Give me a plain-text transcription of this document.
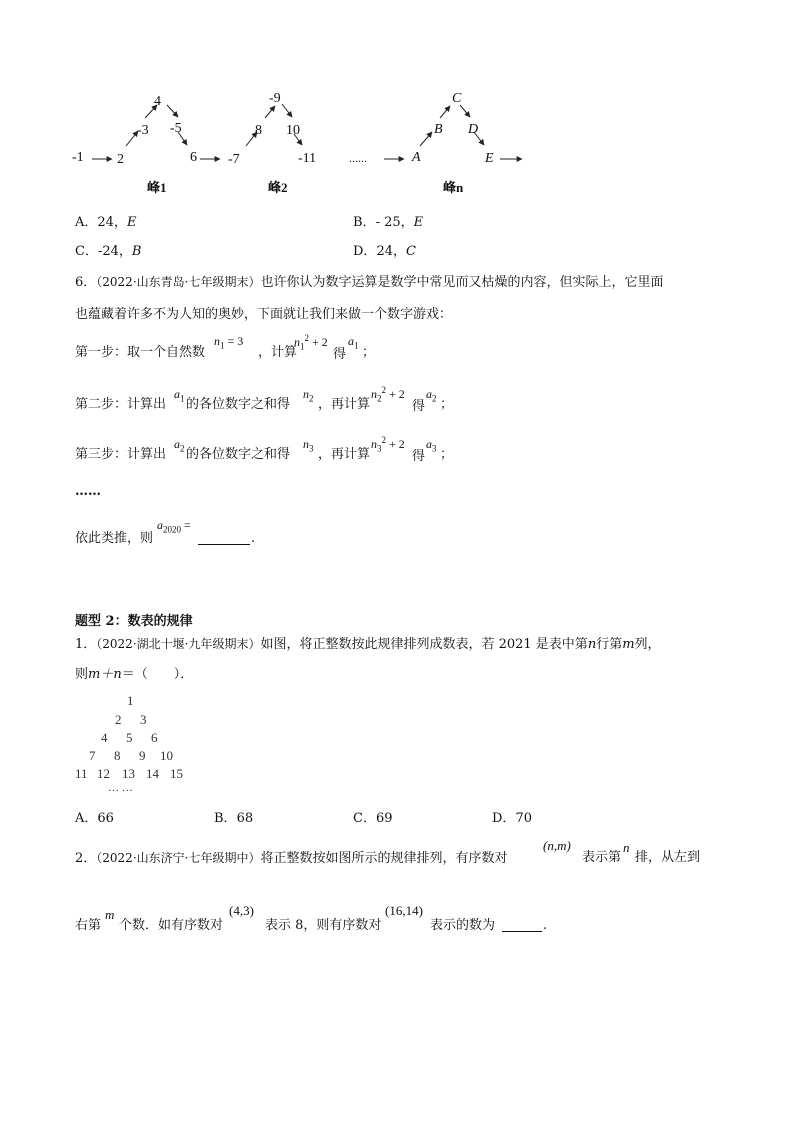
-1 2
-3
4
-5
6
峰1
-7
8
-9
10
-11
峰2
......	A
B
C
D
E
峰n
A．24，E	B．- 25，E
C．-24，B	D．24，C
6．（2022·山东青岛·七年级期末）也许你认为数字运算是数学中常见而又枯燥的内容，但实际上，它里面
也蕴藏着许多不为人知的奥妙，下面就让我们来做一个数字游戏：
第一步：取一个自然数
$n_1 = 3$
，计算
$n_1^2 + 2$
得
$a_1$ ；
第二步：计算出
$a_1$ 的各位数字之和得
$n_2$ ，再计算
$n_2^2 + 2$
得
$a_2$ ；
第三步：计算出
$a_2$ 的各位数字之和得
$n_3$ ，再计算
$n_3^2 + 2$
得
$a_3$ ；
……
依此类推，则
$a_{2020}$ =
.
题型 2：数表的规律
1．（2022·湖北十堰·九年级期末）如图，将正整数按此规律排列成数表，若 2021 是表中第n行第m列，
则m＋n＝（　　）．
1
2 3
4 5 6
7 8 9 10
11 12 13 14 15
… …
A．66	B．68	C．69	D．70
2．（2022·山东济宁·七年级期中）将正整数按如图所示的规律排列，有序数对
(n,m)
表示第
n
排，从左到
右第
m
个数．如有序数对
(4,3)
表示 8，则有序数对
(16,14)
表示的数为	.
